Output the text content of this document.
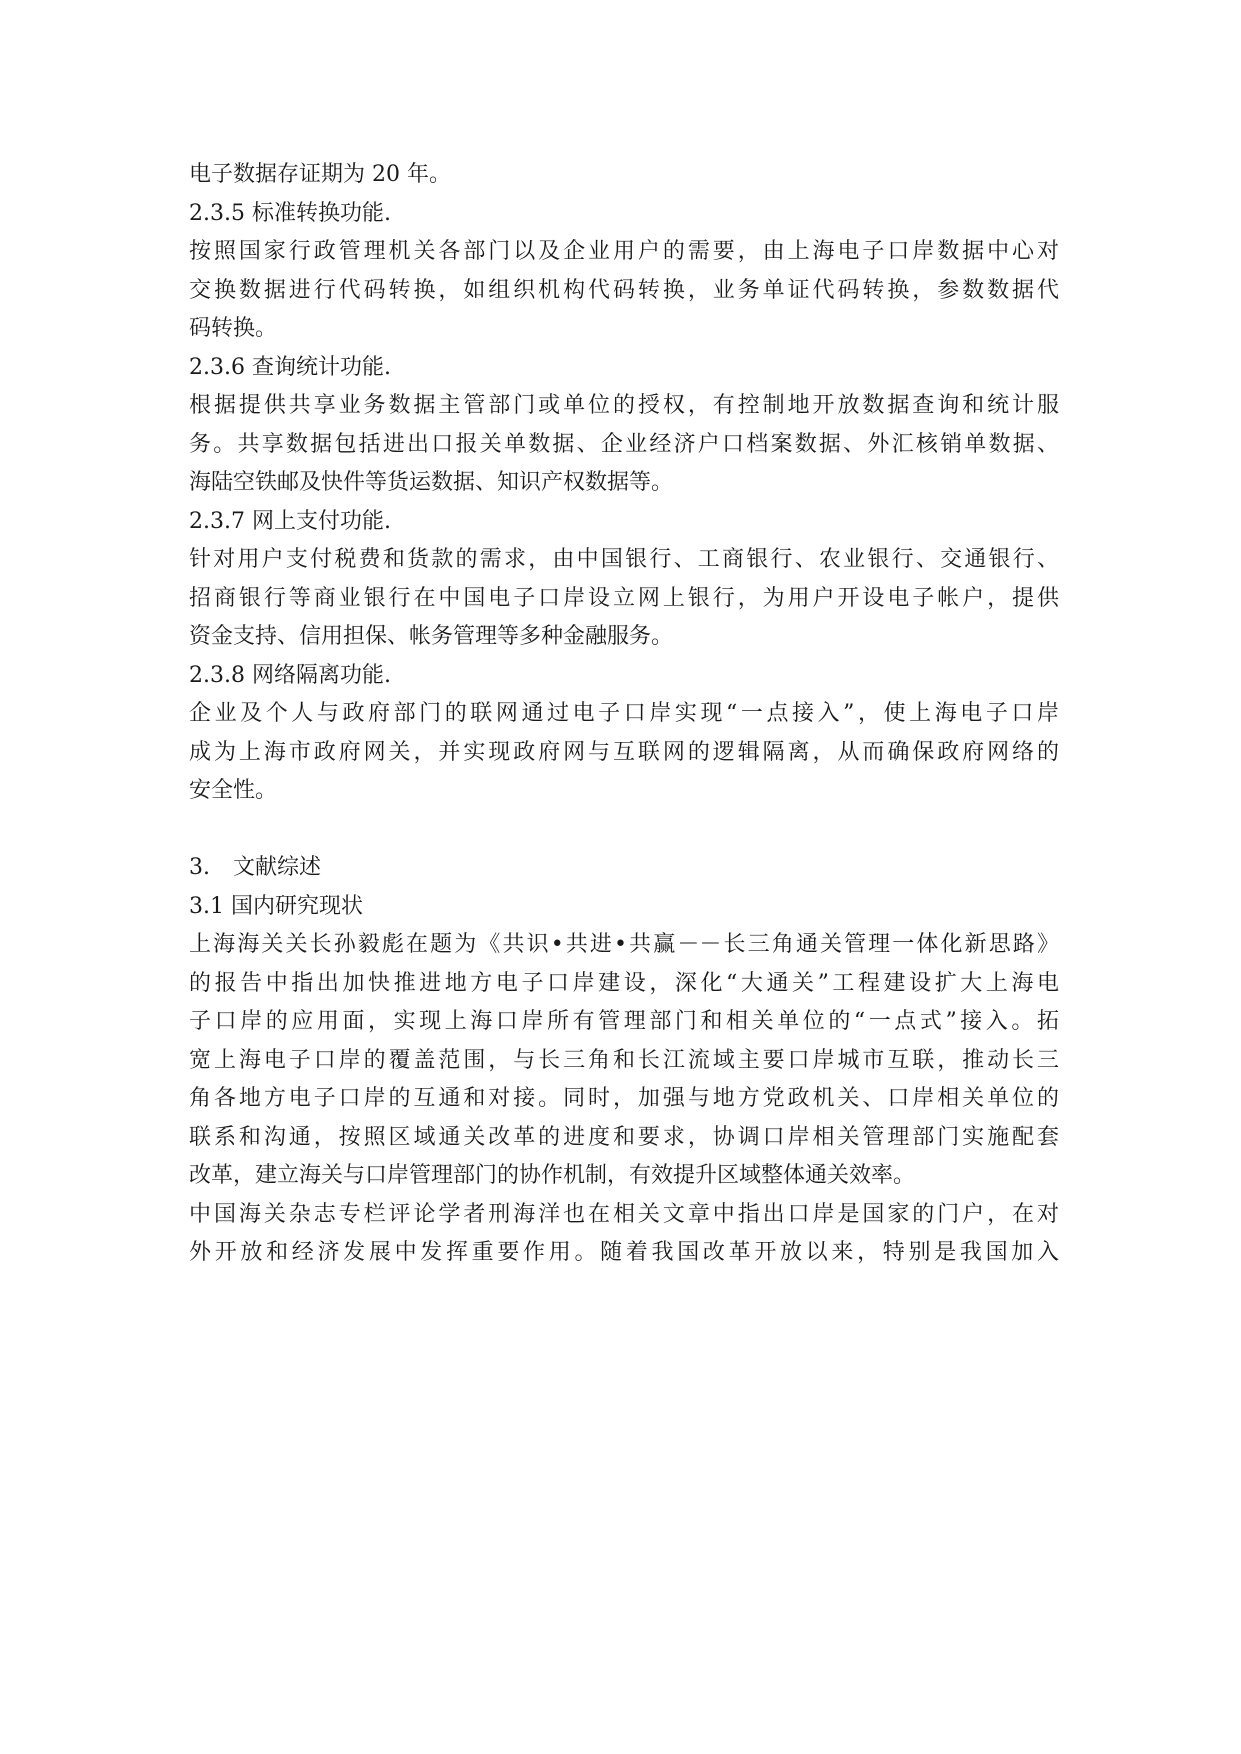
电子数据存证期为 20 年。
2.3.5 标准转换功能.
按照国家行政管理机关各部门以及企业用户的需要，由上海电子口岸数据中心对
交换数据进行代码转换，如组织机构代码转换，业务单证代码转换，参数数据代
码转换。
2.3.6 查询统计功能.
根据提供共享业务数据主管部门或单位的授权，有控制地开放数据查询和统计服
务。共享数据包括进出口报关单数据、企业经济户口档案数据、外汇核销单数据、
海陆空铁邮及快件等货运数据、知识产权数据等。
2.3.7 网上支付功能.
针对用户支付税费和货款的需求，由中国银行、工商银行、农业银行、交通银行、
招商银行等商业银行在中国电子口岸设立网上银行，为用户开设电子帐户，提供
资金支持、信用担保、帐务管理等多种金融服务。
2.3.8 网络隔离功能.
企业及个人与政府部门的联网通过电子口岸实现“一点接入”，使上海电子口岸
成为上海市政府网关，并实现政府网与互联网的逻辑隔离，从而确保政府网络的
安全性。
3. 文献综述
3.1 国内研究现状
上海海关关长孙毅彪在题为《共识•共进•共赢－－长三角通关管理一体化新思路》
的报告中指出加快推进地方电子口岸建设，深化“大通关”工程建设扩大上海电
子口岸的应用面，实现上海口岸所有管理部门和相关单位的“一点式”接入。拓
宽上海电子口岸的覆盖范围，与长三角和长江流域主要口岸城市互联，推动长三
角各地方电子口岸的互通和对接。同时，加强与地方党政机关、口岸相关单位的
联系和沟通，按照区域通关改革的进度和要求，协调口岸相关管理部门实施配套
改革，建立海关与口岸管理部门的协作机制，有效提升区域整体通关效率。
中国海关杂志专栏评论学者刑海洋也在相关文章中指出口岸是国家的门户，在对
外开放和经济发展中发挥重要作用。随着我国改革开放以来，特别是我国加入
